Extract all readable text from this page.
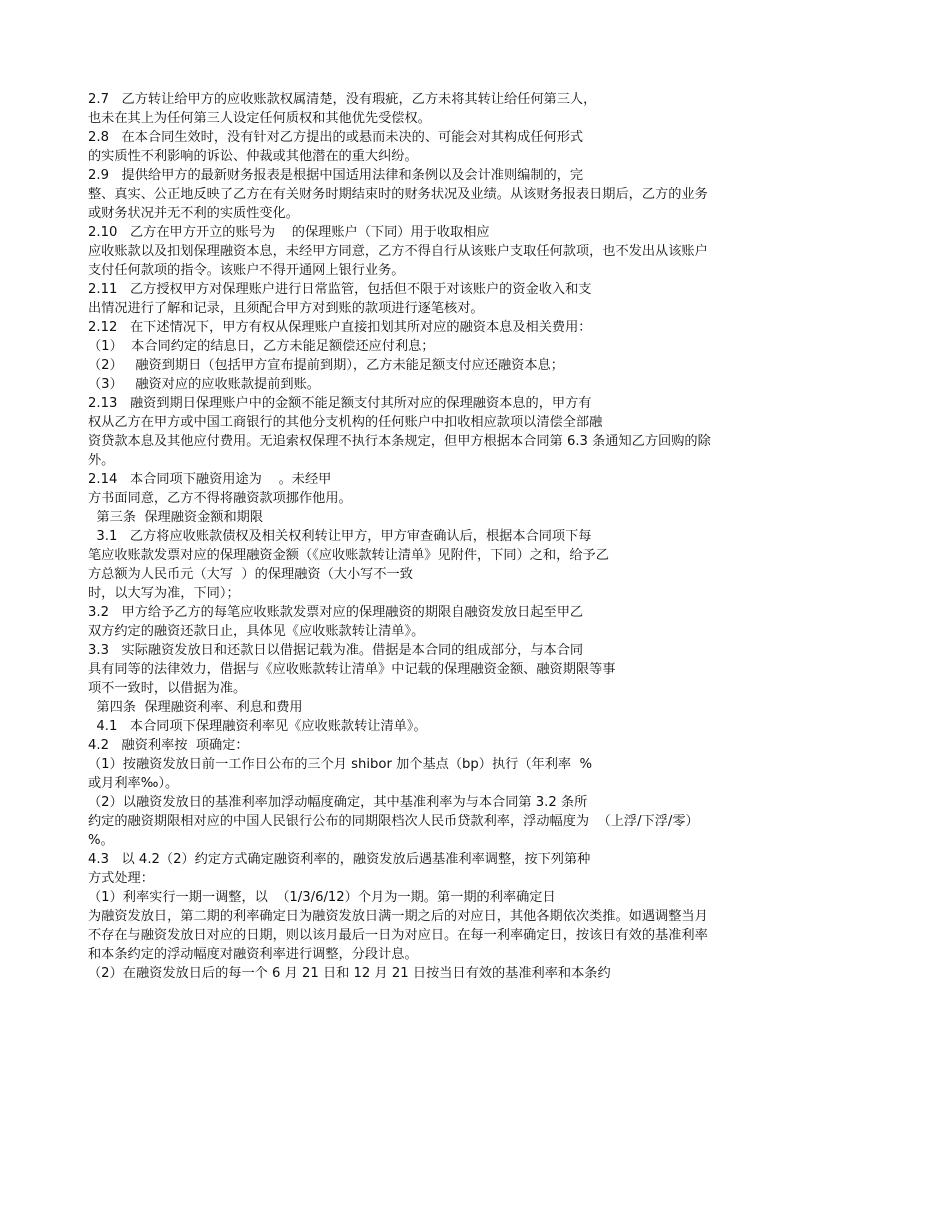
2.7   乙方转让给甲方的应收账款权属清楚，没有瑕疵，乙方未将其转让给任何第三人，
也未在其上为任何第三人设定任何质权和其他优先受偿权。
2.8   在本合同生效时，没有针对乙方提出的或悬而未决的、可能会对其构成任何形式
的实质性不利影响的诉讼、仲裁或其他潜在的重大纠纷。
2.9   提供给甲方的最新财务报表是根据中国适用法律和条例以及会计准则编制的，完
整、真实、公正地反映了乙方在有关财务时期结束时的财务状况及业绩。从该财务报表日期后，乙方的业务
或财务状况并无不利的实质性变化。
2.10   乙方在甲方开立的账号为    的保理账户（下同）用于收取相应
应收账款以及扣划保理融资本息，未经甲方同意，乙方不得自行从该账户支取任何款项，也不发出从该账户
支付任何款项的指令。该账户不得开通网上银行业务。
2.11   乙方授权甲方对保理账户进行日常监管，包括但不限于对该账户的资金收入和支
出情况进行了解和记录，且须配合甲方对到账的款项进行逐笔核对。
2.12   在下述情况下，甲方有权从保理账户直接扣划其所对应的融资本息及相关费用：
（1）  本合同约定的结息日，乙方未能足额偿还应付利息；
（2）   融资到期日（包括甲方宣布提前到期），乙方未能足额支付应还融资本息；
（3）   融资对应的应收账款提前到账。
2.13   融资到期日保理账户中的金额不能足额支付其所对应的保理融资本息的，甲方有
权从乙方在甲方或中国工商银行的其他分支机构的任何账户中扣收相应款项以清偿全部融
资贷款本息及其他应付费用。无追索权保理不执行本条规定，但甲方根据本合同第 6.3 条通知乙方回购的除
外。
2.14   本合同项下融资用途为    。未经甲
方书面同意，乙方不得将融资款项挪作他用。
第三条  保理融资金额和期限
3.1   乙方将应收账款债权及相关权利转让甲方，甲方审查确认后，根据本合同项下每
笔应收账款发票对应的保理融资金额（《应收账款转让清单》见附件，下同）之和，给予乙
方总额为人民币元（大写  ）的保理融资（大小写不一致
时，以大写为准，下同）；
3.2   甲方给予乙方的每笔应收账款发票对应的保理融资的期限自融资发放日起至甲乙
双方约定的融资还款日止，具体见《应收账款转让清单》。
3.3   实际融资发放日和还款日以借据记载为准。借据是本合同的组成部分，与本合同
具有同等的法律效力，借据与《应收账款转让清单》中记载的保理融资金额、融资期限等事
项不一致时，以借据为准。
第四条  保理融资利率、利息和费用
4.1   本合同项下保理融资利率见《应收账款转让清单》。
4.2   融资利率按  项确定：
（1）按融资发放日前一工作日公布的三个月 shibor 加个基点（bp）执行（年利率  %
或月利率‰）。
（2）以融资发放日的基准利率加浮动幅度确定，其中基准利率为与本合同第 3.2 条所
约定的融资期限相对应的中国人民银行公布的同期限档次人民币贷款利率，浮动幅度为  （上浮/下浮/零）
%。
4.3   以 4.2（2）约定方式确定融资利率的，融资发放后遇基准利率调整，按下列第种
方式处理：
（1）利率实行一期一调整，以  （1/3/6/12）个月为一期。第一期的利率确定日
为融资发放日，第二期的利率确定日为融资发放日满一期之后的对应日，其他各期依次类推。如遇调整当月
不存在与融资发放日对应的日期，则以该月最后一日为对应日。在每一利率确定日，按该日有效的基准利率
和本条约定的浮动幅度对融资利率进行调整，分段计息。
（2）在融资发放日后的每一个 6 月 21 日和 12 月 21 日按当日有效的基准利率和本条约
